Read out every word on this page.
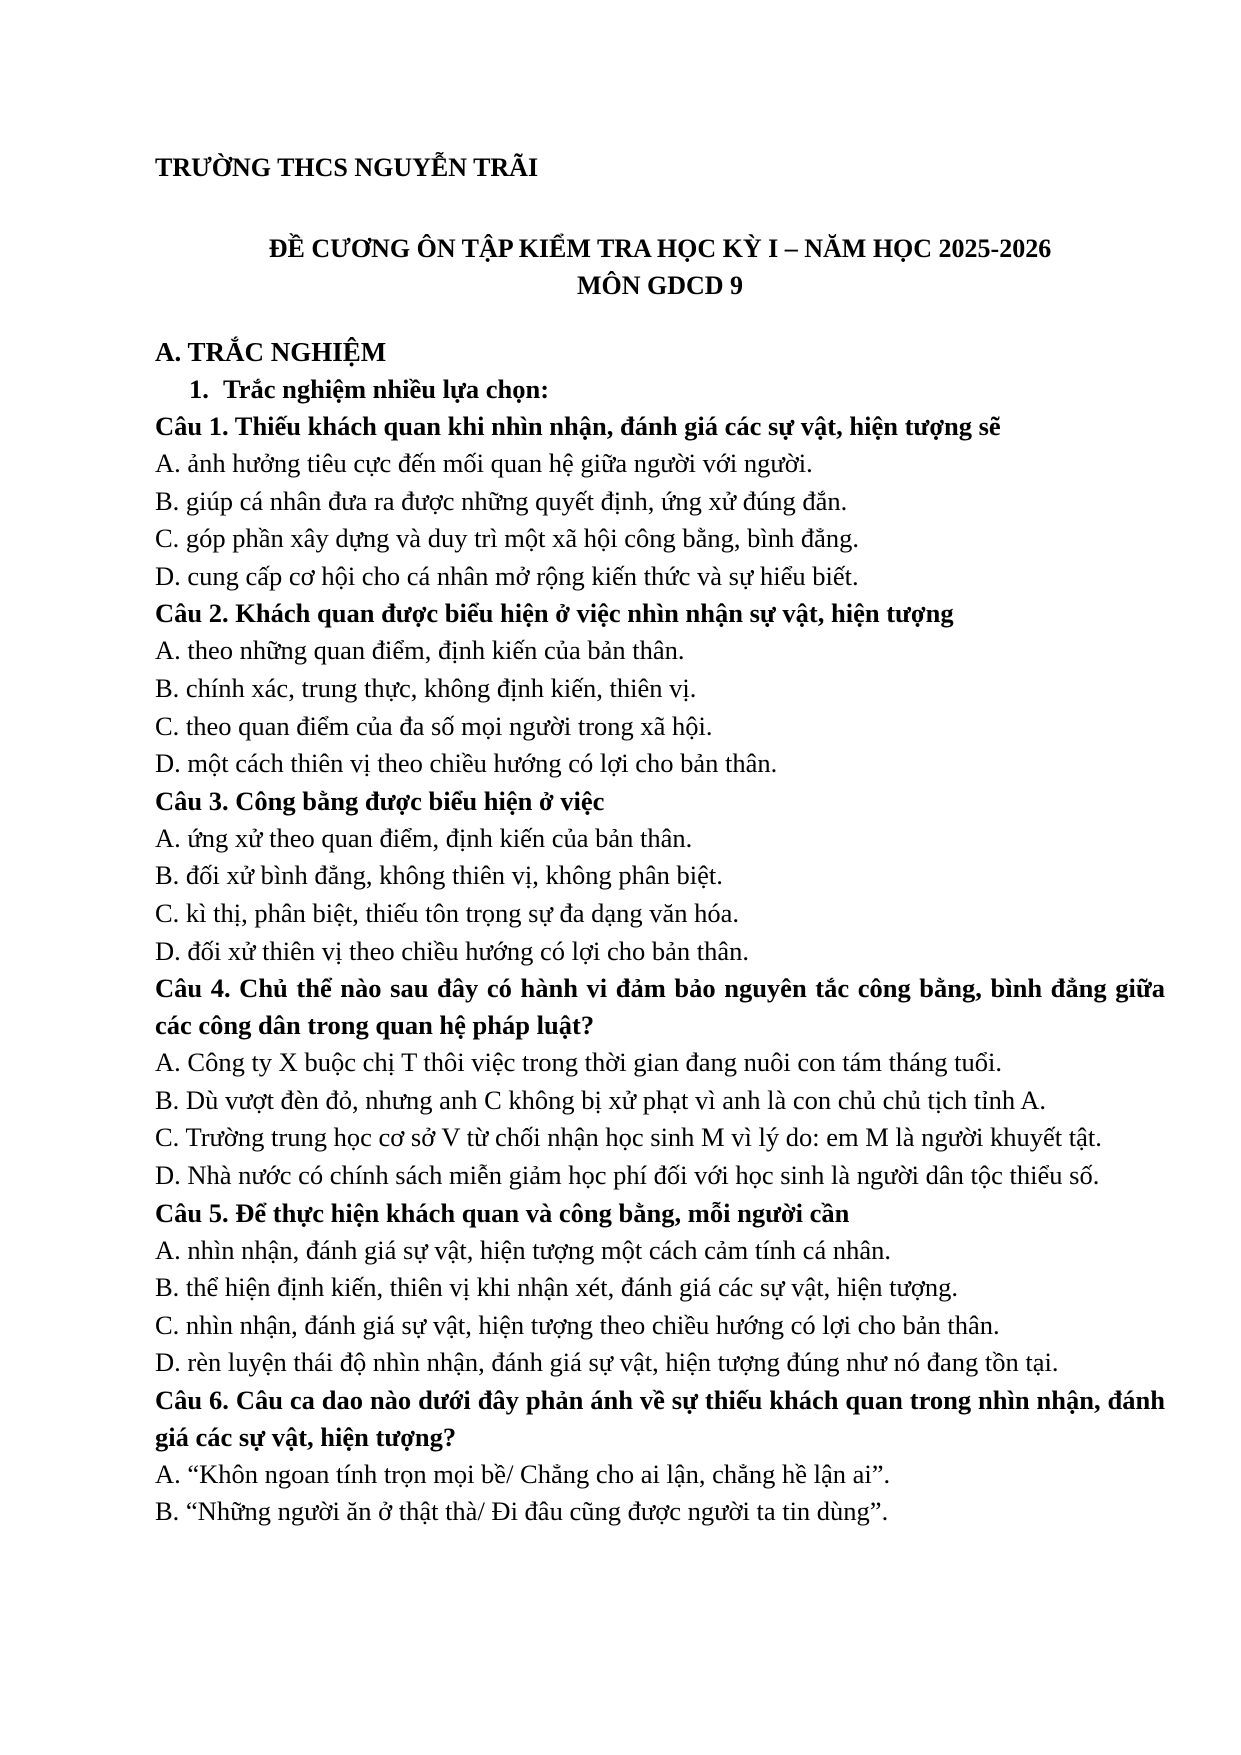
TRƯỜNG THCS NGUYỄN TRÃI
ĐỀ CƯƠNG ÔN TẬP KIỂM TRA HỌC KỲ I – NĂM HỌC 2025-2026
MÔN GDCD 9
A. TRẮC NGHIỆM
1. Trắc nghiệm nhiều lựa chọn:
Câu 1. Thiếu khách quan khi nhìn nhận, đánh giá các sự vật, hiện tượng sẽ
A. ảnh hưởng tiêu cực đến mối quan hệ giữa người với người.
B. giúp cá nhân đưa ra được những quyết định, ứng xử đúng đắn.
C. góp phần xây dựng và duy trì một xã hội công bằng, bình đẳng.
D. cung cấp cơ hội cho cá nhân mở rộng kiến thức và sự hiểu biết.
Câu 2. Khách quan được biểu hiện ở việc nhìn nhận sự vật, hiện tượng
A. theo những quan điểm, định kiến của bản thân.
B. chính xác, trung thực, không định kiến, thiên vị.
C. theo quan điểm của đa số mọi người trong xã hội.
D. một cách thiên vị theo chiều hướng có lợi cho bản thân.
Câu 3. Công bằng được biểu hiện ở việc
A. ứng xử theo quan điểm, định kiến của bản thân.
B. đối xử bình đẳng, không thiên vị, không phân biệt.
C. kì thị, phân biệt, thiếu tôn trọng sự đa dạng văn hóa.
D. đối xử thiên vị theo chiều hướng có lợi cho bản thân.
Câu 4. Chủ thể nào sau đây có hành vi đảm bảo nguyên tắc công bằng, bình đẳng giữa các công dân trong quan hệ pháp luật?
A. Công ty X buộc chị T thôi việc trong thời gian đang nuôi con tám tháng tuổi.
B. Dù vượt đèn đỏ, nhưng anh C không bị xử phạt vì anh là con chủ chủ tịch tỉnh A.
C. Trường trung học cơ sở V từ chối nhận học sinh M vì lý do: em M là người khuyết tật.
D. Nhà nước có chính sách miễn giảm học phí đối với học sinh là người dân tộc thiểu số.
Câu 5. Để thực hiện khách quan và công bằng, mỗi người cần
A. nhìn nhận, đánh giá sự vật, hiện tượng một cách cảm tính cá nhân.
B. thể hiện định kiến, thiên vị khi nhận xét, đánh giá các sự vật, hiện tượng.
C. nhìn nhận, đánh giá sự vật, hiện tượng theo chiều hướng có lợi cho bản thân.
D. rèn luyện thái độ nhìn nhận, đánh giá sự vật, hiện tượng đúng như nó đang tồn tại.
Câu 6. Câu ca dao nào dưới đây phản ánh về sự thiếu khách quan trong nhìn nhận, đánh giá các sự vật, hiện tượng?
A. “Khôn ngoan tính trọn mọi bề/ Chẳng cho ai lận, chẳng hề lận ai”.
B. “Những người ăn ở thật thà/ Đi đâu cũng được người ta tin dùng”.
